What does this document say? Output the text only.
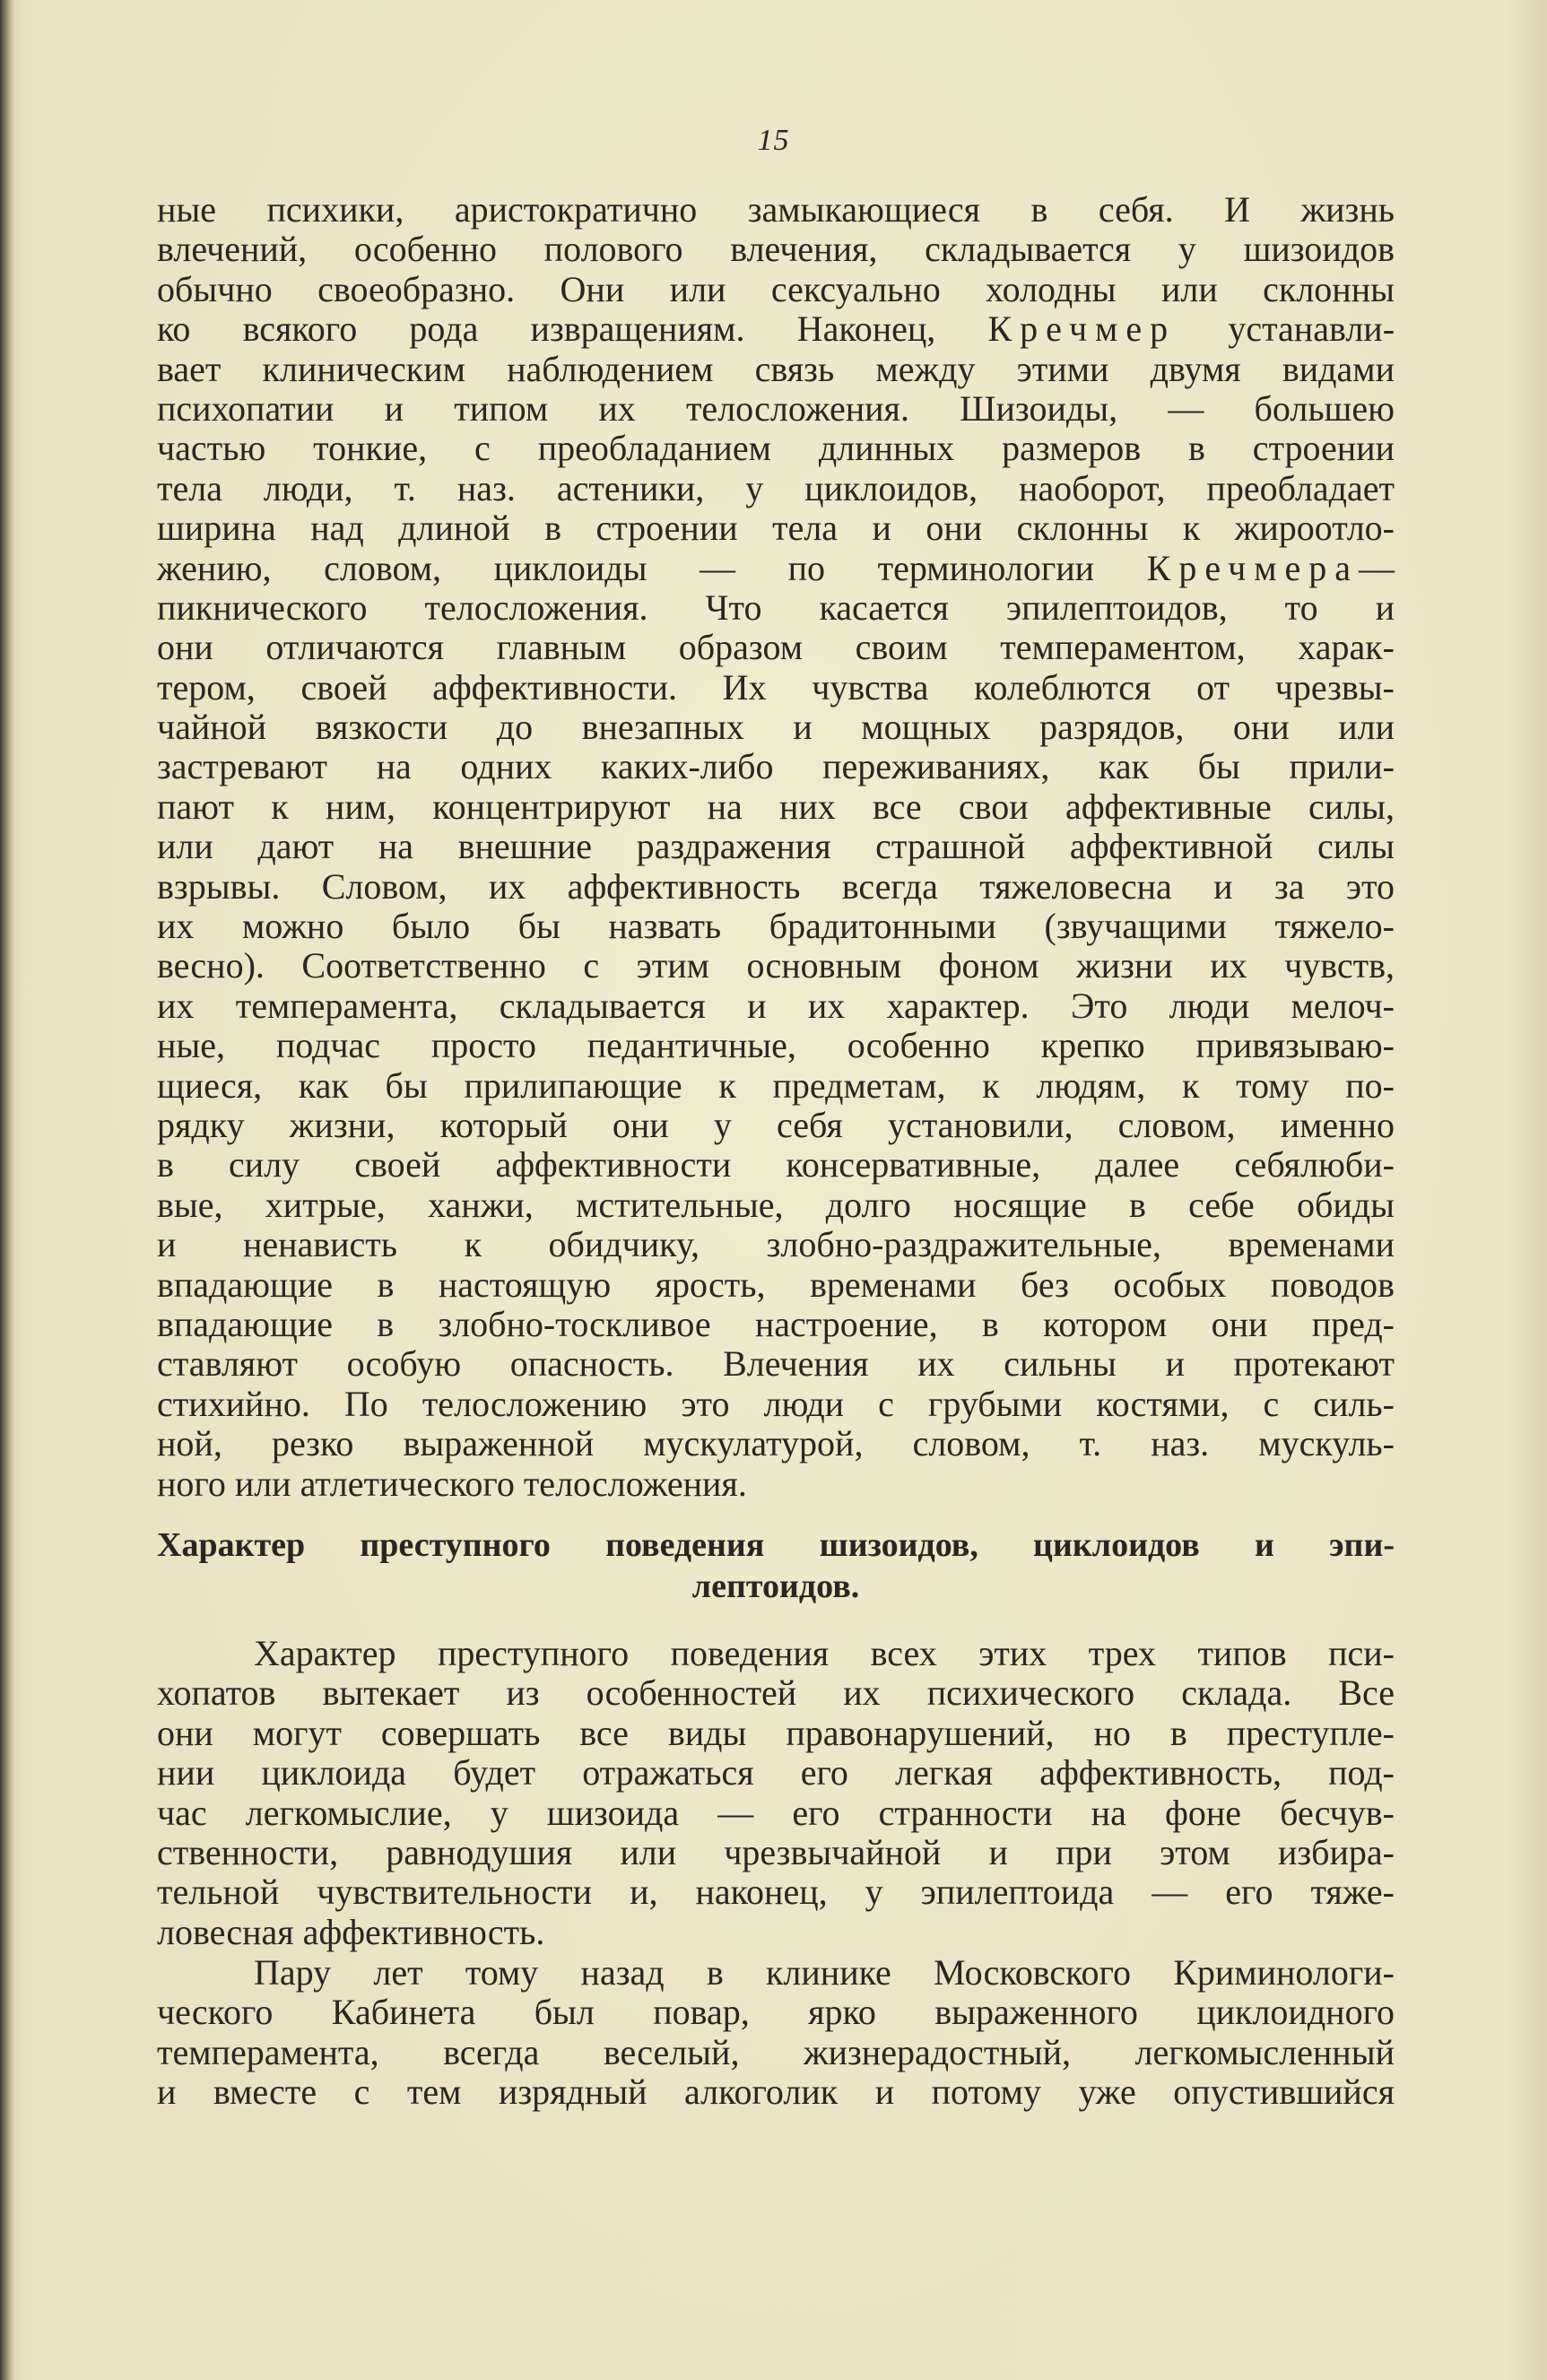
15
ные психики, аристократично замыкающиеся в себя. И жизнь
влечений, особенно полового влечения, складывается у шизоидов
обычно своеобразно. Они или сексуально холодны или склонны
ко всякого рода извращениям. Наконец, Кречмер устанавли-
вает клиническим наблюдением связь между этими двумя видами
психопатии и типом их телосложения. Шизоиды, — большею
частью тонкие, с преобладанием длинных размеров в строении
тела люди, т. наз. астеники, у циклоидов, наоборот, преобладает
ширина над длиной в строении тела и они склонны к жироотло-
жению, словом, циклоиды — по терминологии Кречмера—
пикнического телосложения. Что касается эпилептоидов, то и
они отличаются главным образом своим темпераментом, харак-
тером, своей аффективности. Их чувства колеблются от чрезвы-
чайной вязкости до внезапных и мощных разрядов, они или
застревают на одних каких-либо переживаниях, как бы прили-
пают к ним, концентрируют на них все свои аффективные силы,
или дают на внешние раздражения страшной аффективной силы
взрывы. Словом, их аффективность всегда тяжеловесна и за это
их можно было бы назвать брадитонными (звучащими тяжело-
весно). Соответственно с этим основным фоном жизни их чувств,
их темперамента, складывается и их характер. Это люди мелоч-
ные, подчас просто педантичные, особенно крепко привязываю-
щиеся, как бы прилипающие к предметам, к людям, к тому по-
рядку жизни, который они у себя установили, словом, именно
в силу своей аффективности консервативные, далее себялюби-
вые, хитрые, ханжи, мстительные, долго носящие в себе обиды
и ненависть к обидчику, злобно-раздражительные, временами
впадающие в настоящую ярость, временами без особых поводов
впадающие в злобно-тоскливое настроение, в котором они пред-
ставляют особую опасность. Влечения их сильны и протекают
стихийно. По телосложению это люди с грубыми костями, с силь-
ной, резко выраженной мускулатурой, словом, т. наз. мускуль-
ного или атлетического телосложения.
Характер преступного поведения шизоидов, циклоидов и эпи-
лептоидов.
Характер преступного поведения всех этих трех типов пси-
хопатов вытекает из особенностей их психического склада. Все
они могут совершать все виды правонарушений, но в преступле-
нии циклоида будет отражаться его легкая аффективность, под-
час легкомыслие, у шизоида — его странности на фоне бесчув-
ственности, равнодушия или чрезвычайной и при этом избира-
тельной чувствительности и, наконец, у эпилептоида — его тяже-
ловесная аффективность.
Пару лет тому назад в клинике Московского Криминологи-
ческого Кабинета был повар, ярко выраженного циклоидного
темперамента, всегда веселый, жизнерадостный, легкомысленный
и вместе с тем изрядный алкоголик и потому уже опустившийся
